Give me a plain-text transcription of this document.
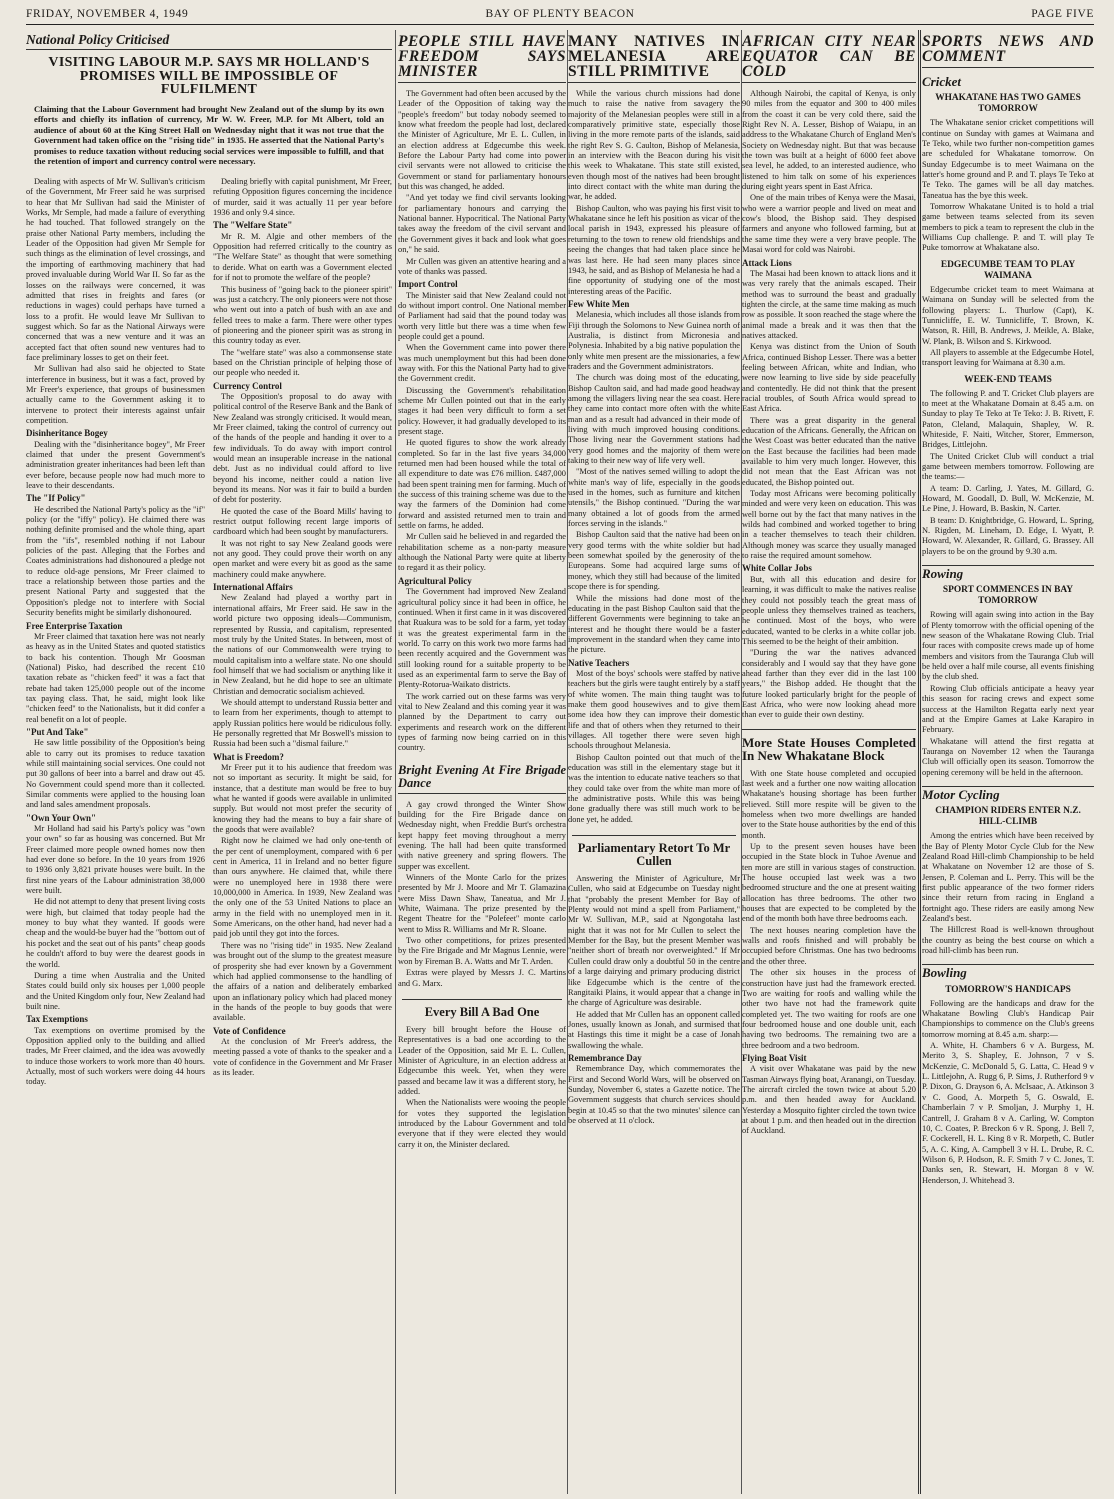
FRIDAY, NOVEMBER 4, 1949	BAY OF PLENTY BEACON	PAGE FIVE
National Policy Criticised
VISITING LABOUR M.P. SAYS MR HOLLAND'S PROMISES WILL BE IMPOSSIBLE OF FULFILMENT
Claiming that the Labour Government had brought New Zealand out of the slump by its own efforts and chiefly its inflation of currency, Mr W. W. Freer, M.P. for Mt Albert, told an audience of about 60 at the King Street Hall on Wednesday night that it was not true that the Government had taken office on the "rising tide" in 1935. He asserted that the National Party's promises to reduce taxation without reducing social services were impossible to fulfill, and that the retention of import and currency control were necessary.

Dealing with aspects of Mr W. Sullivan's criticism of the Government, Mr Freer said he was surprised to hear that Mr Sullivan had said the Minister of Works, Mr Semple, had made a failure of everything he had touched. That followed strangely on the praise other National Party members, including the Leader of the Opposition had given Mr Semple for such things as the elimination of level crossings, and the importing of earthmoving machinery that had proved invaluable during World War II. So far as the losses on the railways were concerned, it was admitted that rises in freights and fares (or reductions in wages) could perhaps have turned a loss to a profit. He would leave Mr Sullivan to suggest which. So far as the National Airways were concerned that was a new venture and it was an accepted fact that often sound new ventures had to face preliminary losses to get on their feet.

Mr Sullivan had also said he objected to State interference in business, but it was a fact, proved by Mr Freer's experience, that groups of businessmen actually came to the Government asking it to intervene to protect their interests against unfair competition.

Disinheritance Bogey

Dealing with the "disinheritance bogey", Mr Freer claimed that under the present Government's administration greater inheritances had been left than ever before, because people now had much more to leave to their descendants.

The "If Policy"

He described the National Party's policy as the "if" policy (or the "iffy" policy). He claimed there was nothing definite promised and the whole thing, apart from the "ifs", resembled nothing if not Labour policies of the past. Alleging that the Forbes and Coates administrations had dishonoured a pledge not to reduce old-age pensions, Mr Freer claimed to trace a relationship between those parties and the present National Party and suggested that the Opposition's pledge not to interfere with Social Security benefits might be similarly dishonoured.

Free Enterprise Taxation

Mr Freer claimed that taxation here was not nearly as heavy as in the United States and quoted statistics to back his contention. Though Mr Goosman (National) Pisko, had described the recent £10 taxation rebate as "chicken feed" it was a fact that rebate had taken 125,000 people out of the income tax paying class. That, he said, might look like "chicken feed" to the Nationalists, but it did confer a real benefit on a lot of people.

"Put And Take"

He saw little possibility of the Opposition's being able to carry out its promises to reduce taxation while still maintaining social services. One could not put 30 gallons of beer into a barrel and draw out 45. No Government could spend more than it collected. Similar comments were applied to the housing loan and land sales amendment proposals.

"Own Your Own"

Mr Holland had said his Party's policy was "own your own" so far as housing was concerned. But Mr Freer claimed more people owned homes now then had ever done so before. In the 10 years from 1926 to 1936 only 3,821 private houses were built. In the first nine years of the Labour administration 38,000 were built.

He did not attempt to deny that present living costs were high, but claimed that today people had the money to buy what they wanted. If goods were cheap and the would-be buyer had the "bottom out of his pocket and the seat out of his pants" cheap goods he couldn't afford to buy were the dearest goods in the world.

During a time when Australia and the United States could build only six houses per 1,000 people and the United Kingdom only four, New Zealand had built nine.

Tax Exemptions

Tax exemptions on overtime promised by the Opposition applied only to the building and allied trades, Mr Freer claimed, and the idea was avowedly to induce those workers to work more than 40 hours. Actually, most of such workers were doing 44 hours today.

Dealing briefly with capital punishment, Mr Freer, refuting Opposition figures concerning the incidence of murder, said it was actually 11 per year before 1936 and only 9.4 since.

The "Welfare State"

Mr R. M. Algie and other members of the Opposition had referred critically to the country as "The Welfare State" as thought that were something to deride. What on earth was a Government elected for if not to promote the welfare of the people?

This business of "going back to the pioneer spirit" was just a catchcry. The only pioneers were not those who went out into a patch of bush with an axe and felled trees to make a farm. There were other types of pioneering and the pioneer spirit was as strong in this country today as ever.

The "welfare state" was also a commonsense state based on the Christian principle of helping those of our people who needed it.

Currency Control

The Opposition's proposal to do away with political control of the Reserve Bank and the Bank of New Zealand was strongly criticised. It would mean, Mr Freer claimed, taking the control of currency out of the hands of the people and handing it over to a few individuals. To do away with import control would mean an insuperable increase in the national debt. Just as no individual could afford to live beyond his income, neither could a nation live beyond its means. Nor was it fair to build a burden of debt for posterity.

He quoted the case of the Board Mills' having to restrict output following recent large imports of cardboard which had been sought by manufacturers.

It was not right to say New Zealand goods were not any good. They could prove their worth on any open market and were every bit as good as the same machinery could make anywhere.

International Affairs

New Zealand had played a worthy part in international affairs, Mr Freer said. He saw in the world picture two opposing ideals—Communism, represented by Russia, and capitalism, represented most truly by the United States. In between, most of the nations of our Commonwealth were trying to mould capitalism into a welfare state. No one should fool himself that we had socialism or anything like it in New Zealand, but he did hope to see an ultimate Christian and democratic socialism achieved.

We should attempt to understand Russia better and to learn from her experiments, though to attempt to apply Russian politics here would be ridiculous folly. He personally regretted that Mr Boswell's mission to Russia had been such a "dismal failure."

What is Freedom?

Mr Freer put it to his audience that freedom was not so important as security. It might be said, for instance, that a destitute man would be free to buy what he wanted if goods were available in unlimited supply. But would not most prefer the security of knowing they had the means to buy a fair share of the goods that were available?

Right now he claimed we had only one-tenth of the per cent of unemployment, compared with 6 per cent in America, 11 in Ireland and no better figure than ours anywhere. He claimed that, while there were no unemployed here in 1938 there were 10,000,000 in America. In 1939, New Zealand was the only one of the 53 United Nations to place an army in the field with no unemployed men in it. Some Americans, on the other hand, had never had a paid job until they got into the forces.

There was no "rising tide" in 1935. New Zealand was brought out of the slump to the greatest measure of prosperity she had ever known by a Government which had applied commonsense to the handling of the affairs of a nation and deliberately embarked upon an inflationary policy which had placed money in the hands of the people to buy goods that were available.

Vote of Confidence

At the conclusion of Mr Freer's address, the meeting passed a vote of thanks to the speaker and a vote of confidence in the Government and Mr Fraser as its leader.

PEOPLE STILL HAVE FREEDOM SAYS MINISTER

The Government had often been accused by the Leader of the Opposition of taking way the "people's freedom" but today nobody seemed to know what freedom the people had lost, declared the Minister of Agriculture, Mr E. L. Cullen, in an election address at Edgecumbe this week. Before the Labour Party had come into power civil servants were not allowed to criticise the Government or stand for parliamentary honours but this was changed, he added.

"And yet today we find civil servants looking for parliamentary honours and carrying the National banner. Hypocritical. The National Party takes away the freedom of the civil servant and the Government gives it back and look what goes on," he said.

Mr Cullen was given an attentive hearing and a vote of thanks was passed.

Import Control

The Minister said that New Zealand could not do without import control. One National member of Parliament had said that the pound today was worth very little but there was a time when few people could get a pound.

When the Government came into power there was much unemployment but this had been done away with. For this the National Party had to give the Government credit.

Discussing the Government's rehabilitation scheme Mr Cullen pointed out that in the early stages it had been very difficult to form a set policy. However, it had gradually developed to its present stage.

He quoted figures to show the work already completed. So far in the last five years 34,000 returned men had been housed while the total of all expenditure to date was £76 million. £487,000 had been spent training men for farming. Much of the success of this training scheme was due to the way the farmers of the Dominion had come forward and assisted returned men to train and settle on farms, he added.

Mr Cullen said he believed in and regarded the rehabilitation scheme as a non-party measure although the National Party were quite at liberty to regard it as their policy.

Agricultural Policy

The Government had improved New Zealand agricultural policy since it had been in office, he continued. When it first came in it was discovered that Ruakura was to be sold for a farm, yet today it was the greatest experimental farm in the world. To carry on this work two more farms had been recently acquired and the Government was still looking round for a suitable property to be used as an experimental farm to serve the Bay of Plenty-Rotorua-Waikato districts.

The work carried out on these farms was very vital to New Zealand and this coming year it was planned by the Department to carry out experiments and research work on the different types of farming now being carried on in this country.

Bright Evening At Fire Brigade Dance

A gay crowd thronged the Winter Show building for the Fire Brigade dance on Wednesday night, when Freddie Burt's orchestra kept happy feet moving throughout a merry evening. The hall had been quite transformed with native greenery and spring flowers. The supper was excellent.

Winners of the Monte Carlo for the prizes presented by Mr J. Moore and Mr T. Glamazina were Miss Dawn Shaw, Taneatua, and Mr J. White, Waimana. The prize presented by the Regent Theatre for the "Polefeet" monte carlo went to Miss R. Williams and Mr R. Sloane.

Two other competitions, for prizes presented by the Fire Brigade and Mr Magnus Lennie, were won by Fireman B. A. Watts and Mr T. Arden.

Extras were played by Messrs J. C. Martins and G. Marx.

Every Bill A Bad One

Every bill brought before the House of Representatives is a bad one according to the Leader of the Opposition, said Mr E. L. Cullen, Minister of Agriculture, in an election address at Edgecumbe this week. Yet, when they were passed and became law it was a different story, he added.

When the Nationalists were wooing the people for votes they supported the legislation introduced by the Labour Government and told everyone that if they were elected they would carry it on, the Minister declared.

MANY NATIVES IN MELANESIA ARE STILL PRIMITIVE

While the various church missions had done much to raise the native from savagery the majority of the Melanesian peoples were still in a comparatively primitive state, especially those living in the more remote parts of the islands, said the right Rev S. G. Caulton, Bishop of Melanesia, in an interview with the Beacon during his visit this week to Whakatane. This state still existed, even though most of the natives had been brought into direct contact with the white man during the war, he added.

Bishop Caulton, who was paying his first visit to Whakatane since he left his position as vicar of the local parish in 1943, expressed his pleasure of returning to the town to renew old friendships and seeing the changes that had taken place since he was last here. He had seen many places since 1943, he said, and as Bishop of Melanesia he had a fine opportunity of studying one of the most interesting areas of the Pacific.

Few White Men

Melanesia, which includes all those islands from Fiji through the Solomons to New Guinea north of Australia, is distinct from Micronesia and Polynesia. Inhabited by a big native population the only white men present are the missionaries, a few traders and the Government administrators.

The church was doing most of the educating, Bishop Caulton said, and had made good headway among the villagers living near the sea coast. Here they came into contact more often with the white man and as a result had advanced in their mode of living with much improved housing conditions. Those living near the Government stations had very good homes and the majority of them were taking to their new way of life very well.

"Most of the natives semed willing to adopt the white man's way of life, especially in the goods used in the homes, such as furniture and kitchen utensils," the Bishop continued. "During the war many obtained a lot of goods from the armed forces serving in the islands."

Bishop Caulton said that the native had been on very good terms with the white soldier but had been somewhat spoiled by the generosity of the Europeans. Some had acquired large sums of money, which they still had because of the limited scope there is for spending.

While the missions had done most of the educating in the past Bishop Caulton said that the different Governments were beginning to take an interest and he thought there would be a faster improvement in the standard when they came into the picture.

Native Teachers

Most of the boys' schools were staffed by native teachers but the girls were taught entirely by a staff of white women. The main thing taught was to make them good housewives and to give them some idea how they can improve their domestic life and that of others when they returned to their villages. All together there were seven high schools throughout Melanesia.

Bishop Caulton pointed out that much of the education was still in the elementary stage but it was the intention to educate native teachers so that they could take over from the white man more of the administrative posts. While this was being done gradually there was still much work to be done yet, he added.

Parliamentary Retort To Mr Cullen

Answering the Minister of Agriculture, Mr Cullen, who said at Edgecumbe on Tuesday night that "probably the present Member for Bay of Plenty would not mind a spell from Parliament," Mr W. Sullivan, M.P., said at Ngongotaha last night that it was not for Mr Cullen to select the Member for the Bay, but the present Member was "neither short of breath nor overweighted." If Mr Cullen could draw only a doubtful 50 in the centre of a large dairying and primary producing district like Edgecumbe which is the centre of the Rangitaiki Plains, it would appear that a change in the charge of Agriculture was desirable.

He added that Mr Cullen has an opponent called Jones, usually known as Jonah, and surmised that at Hastings this time it might be a case of Jonah swallowing the whale.

Remembrance Day

Remembrance Day, which commemorates the First and Second World Wars, will be observed on Sunday, November 6, states a Gazette notice. The Government suggests that church services should begin at 10.45 so that the two minutes' silence can be observed at 11 o'clock.

AFRICAN CITY NEAR EQUATOR CAN BE COLD

Although Nairobi, the capital of Kenya, is only 90 miles from the equator and 300 to 400 miles from the coast it can be very cold there, said the Right Rev N. A. Lesser, Bishop of Waiapu, in an address to the Whakatane Church of England Men's Society on Wednesday night. But that was because the town was built at a height of 6000 feet above sea level, he added, to an interested audience, who listened to him talk on some of his experiences during eight years spent in East Africa.

One of the main tribes of Kenya were the Masai, who were a warrior people and lived on meat and cow's blood, the Bishop said. They despised farmers and anyone who followed farming, but at the same time they were a very brave people. The Masai word for cold was Nairobi.

Attack Lions

The Masai had been known to attack lions and it was very rarely that the animals escaped. Their method was to surround the beast and gradually tighten the circle, at the same time making as much row as possible. It soon reached the stage where the animal made a break and it was then that the natives attacked.

Kenya was distinct from the Union of South Africa, continued Bishop Lesser. There was a better feeling between African, white and Indian, who were now learning to live side by side peacefully and contentedly. He did not think that the present racial troubles, of South Africa would spread to East Africa.

There was a great disparity in the general education of the Africans. Generally, the African on the West Coast was better educated than the native on the East because the facilities had been made available to him very much longer. However, this did not mean that the East African was not educated, the Bishop pointed out.

Today most Africans were becoming politically minded and were very keen on education. This was well borne out by the fact that many natives in the wilds had combined and worked together to bring in a teacher themselves to teach their children. Although money was scarce they usually managed to raise the required amount somehow.

White Collar Jobs

But, with all this education and desire for learning, it was difficult to make the natives realise they could not possibly teach the great mass of people unless they themselves trained as teachers, he continued. Most of the boys, who were educated, wanted to be clerks in a white collar job. This seemed to be the height of their ambition.

"During the war the natives advanced considerably and I would say that they have gone ahead farther than they ever did in the last 100 years," the Bishop added. He thought that the future looked particularly bright for the people of East Africa, who were now looking ahead more than ever to guide their own destiny.

More State Houses Completed In New Whakatane Block

With one State house completed and occupied last week and a further one now waiting allocation Whakatane's housing shortage has been further relieved. Still more respite will be given to the homeless when two more dwellings are handed over to the State house authorities by the end of this month.

Up to the present seven houses have been occupied in the State block in Tuhoe Avenue and ten more are still in various stages of construction. The house occupied last week was a two bedroomed structure and the one at present waiting allocation has three bedrooms. The other two houses that are expected to be completed by the end of the month both have three bedrooms each.

The next houses nearing completion have the walls and roofs finished and will probably be occupied before Christmas. One has two bedrooms and the other three.

The other six houses in the process of construction have just had the framework erected. Two are waiting for roofs and walling while the other two have not had the framework quite completed yet. The two waiting for roofs are one four bedroomed house and one double unit, each having two bedrooms. The remaining two are a three bedroom and a two bedroom.

Flying Boat Visit

A visit over Whakatane was paid by the new Tasman Airways flying boat, Aranangi, on Tuesday. The aircraft circled the town twice at about 5.20 p.m. and then headed away for Auckland. Yesterday a Mosquito fighter circled the town twice at about 1 p.m. and then headed out in the direction of Auckland.

SPORTS NEWS AND COMMENT
Cricket
WHAKATANE HAS TWO GAMES TOMORROW

The Whakatane senior cricket competitions will continue on Sunday with games at Waimana and Te Teko, while two further non-competition games are scheduled for Whakatane tomorrow. On Sunday Edgecumbe is to meet Waimana on the latter's home ground and P. and T. plays Te Teko at Te Teko. The games will be all day matches. Taneatua has the bye this week.

Tomorrow Whakatane United is to hold a trial game between teams selected from its seven members to pick a team to represent the club in the Williams Cup challenge. P. and T. will play Te Puke tomorrow at Whakatane also.

EDGECUMBE TEAM TO PLAY WAIMANA

Edgecumbe cricket team to meet Waimana at Waimana on Sunday will be selected from the following players: L. Thurlow (Capt), K. Tunnicliffe, E. W. Tunnicliffe, T. Brown, K. Watson, R. Hill, B. Andrews, J. Meikle, A. Blake, W. Plank, B. Wilson and S. Kirkwood.

All players to assemble at the Edgecumbe Hotel, transport leaving for Waimana at 8.30 a.m.

WEEK-END TEAMS

The following P. and T. Cricket Club players are to meet at the Whakatane Domain at 8.45 a.m. on Sunday to play Te Teko at Te Teko: J. B. Rivett, F. Paton, Cleland, Malaquin, Shapley, W. R. Whiteside, F. Naiti, Witcher, Storer, Emmerson, Bridges, Littlejohn.

The United Cricket Club will conduct a trial game between members tomorrow. Following are the teams:—

A team: D. Carling, J. Yates, M. Gillard, G. Howard, M. Goodall, D. Bull, W. McKenzie, M. Le Pine, J. Howard, B. Baskin, N. Carter.

B team: D. Knightbridge, G. Howard, L. Spring, N. Rigden, M. Lineham, D. Edge, I. Wyatt, P. Howard, W. Alexander, R. Gillard, G. Brassey. All players to be on the ground by 9.30 a.m.

Rowing
SPORT COMMENCES IN BAY TOMORROW

Rowing will again swing into action in the Bay of Plenty tomorrow with the official opening of the new season of the Whakatane Rowing Club. Trial four races with composite crews made up of home members and visitors from the Tauranga Club will be held over a half mile course, all events finishing by the club shed.

Rowing Club officials anticipate a heavy year this season for racing crews and expect some success at the Hamilton Regatta early next year and at the Empire Games at Lake Karapiro in February.

Whakatane will attend the first regatta at Tauranga on November 12 when the Tauranga Club will officially open its season. Tomorrow the opening ceremony will be held in the afternoon.

Motor Cycling
CHAMPION RIDERS ENTER N.Z. HILL-CLIMB

Among the entries which have been received by the Bay of Plenty Motor Cycle Club for the New Zealand Road Hill-climb Championship to be held at Whakatane on November 12 are those of S. Jensen, P. Coleman and L. Perry. This will be the first public appearance of the two former riders since their return from racing in England a fortnight ago. These riders are easily among New Zealand's best.

The Hillcrest Road is well-known throughout the country as being the best course on which a road hill-climb has been run.

Bowling
TOMORROW'S HANDICAPS

Following are the handicaps and draw for the Whakatane Bowling Club's Handicap Pair Championships to commence on the Club's greens tomorrow morning at 8.45 a.m. sharp:—

A. White, H. Chambers 6 v A. Burgess, M. Merito 3, S. Shapley, E. Johnson, 7 v S. McKenzie, C. McDonald 5, G. Latta, C. Head 9 v L. Littlejohn, A. Rugg 6, P. Sims, J. Rutherford 9 v P. Dixon, G. Drayson 6, A. McIsaac, A. Atkinson 3 v C. Good, A. Morpeth 5, G. Oswald, E. Chamberlain 7 v P. Smoljan, J. Murphy 1, H. Cantrell, J. Graham 8 v A. Carling, W. Compton 10, C. Coates, P. Breckon 6 v R. Spong, J. Bell 7, F. Cockerell, H. L. King 8 v R. Morpeth, C. Butler 5, A. C. King, A. Campbell 3 v H. L. Drube, R. C. Wilson 6, P. Hodson, R. F. Smith 7 v C. Jones, T. Danks sen, R. Stewart, H. Morgan 8 v W. Henderson, J. Whitehead 3.
